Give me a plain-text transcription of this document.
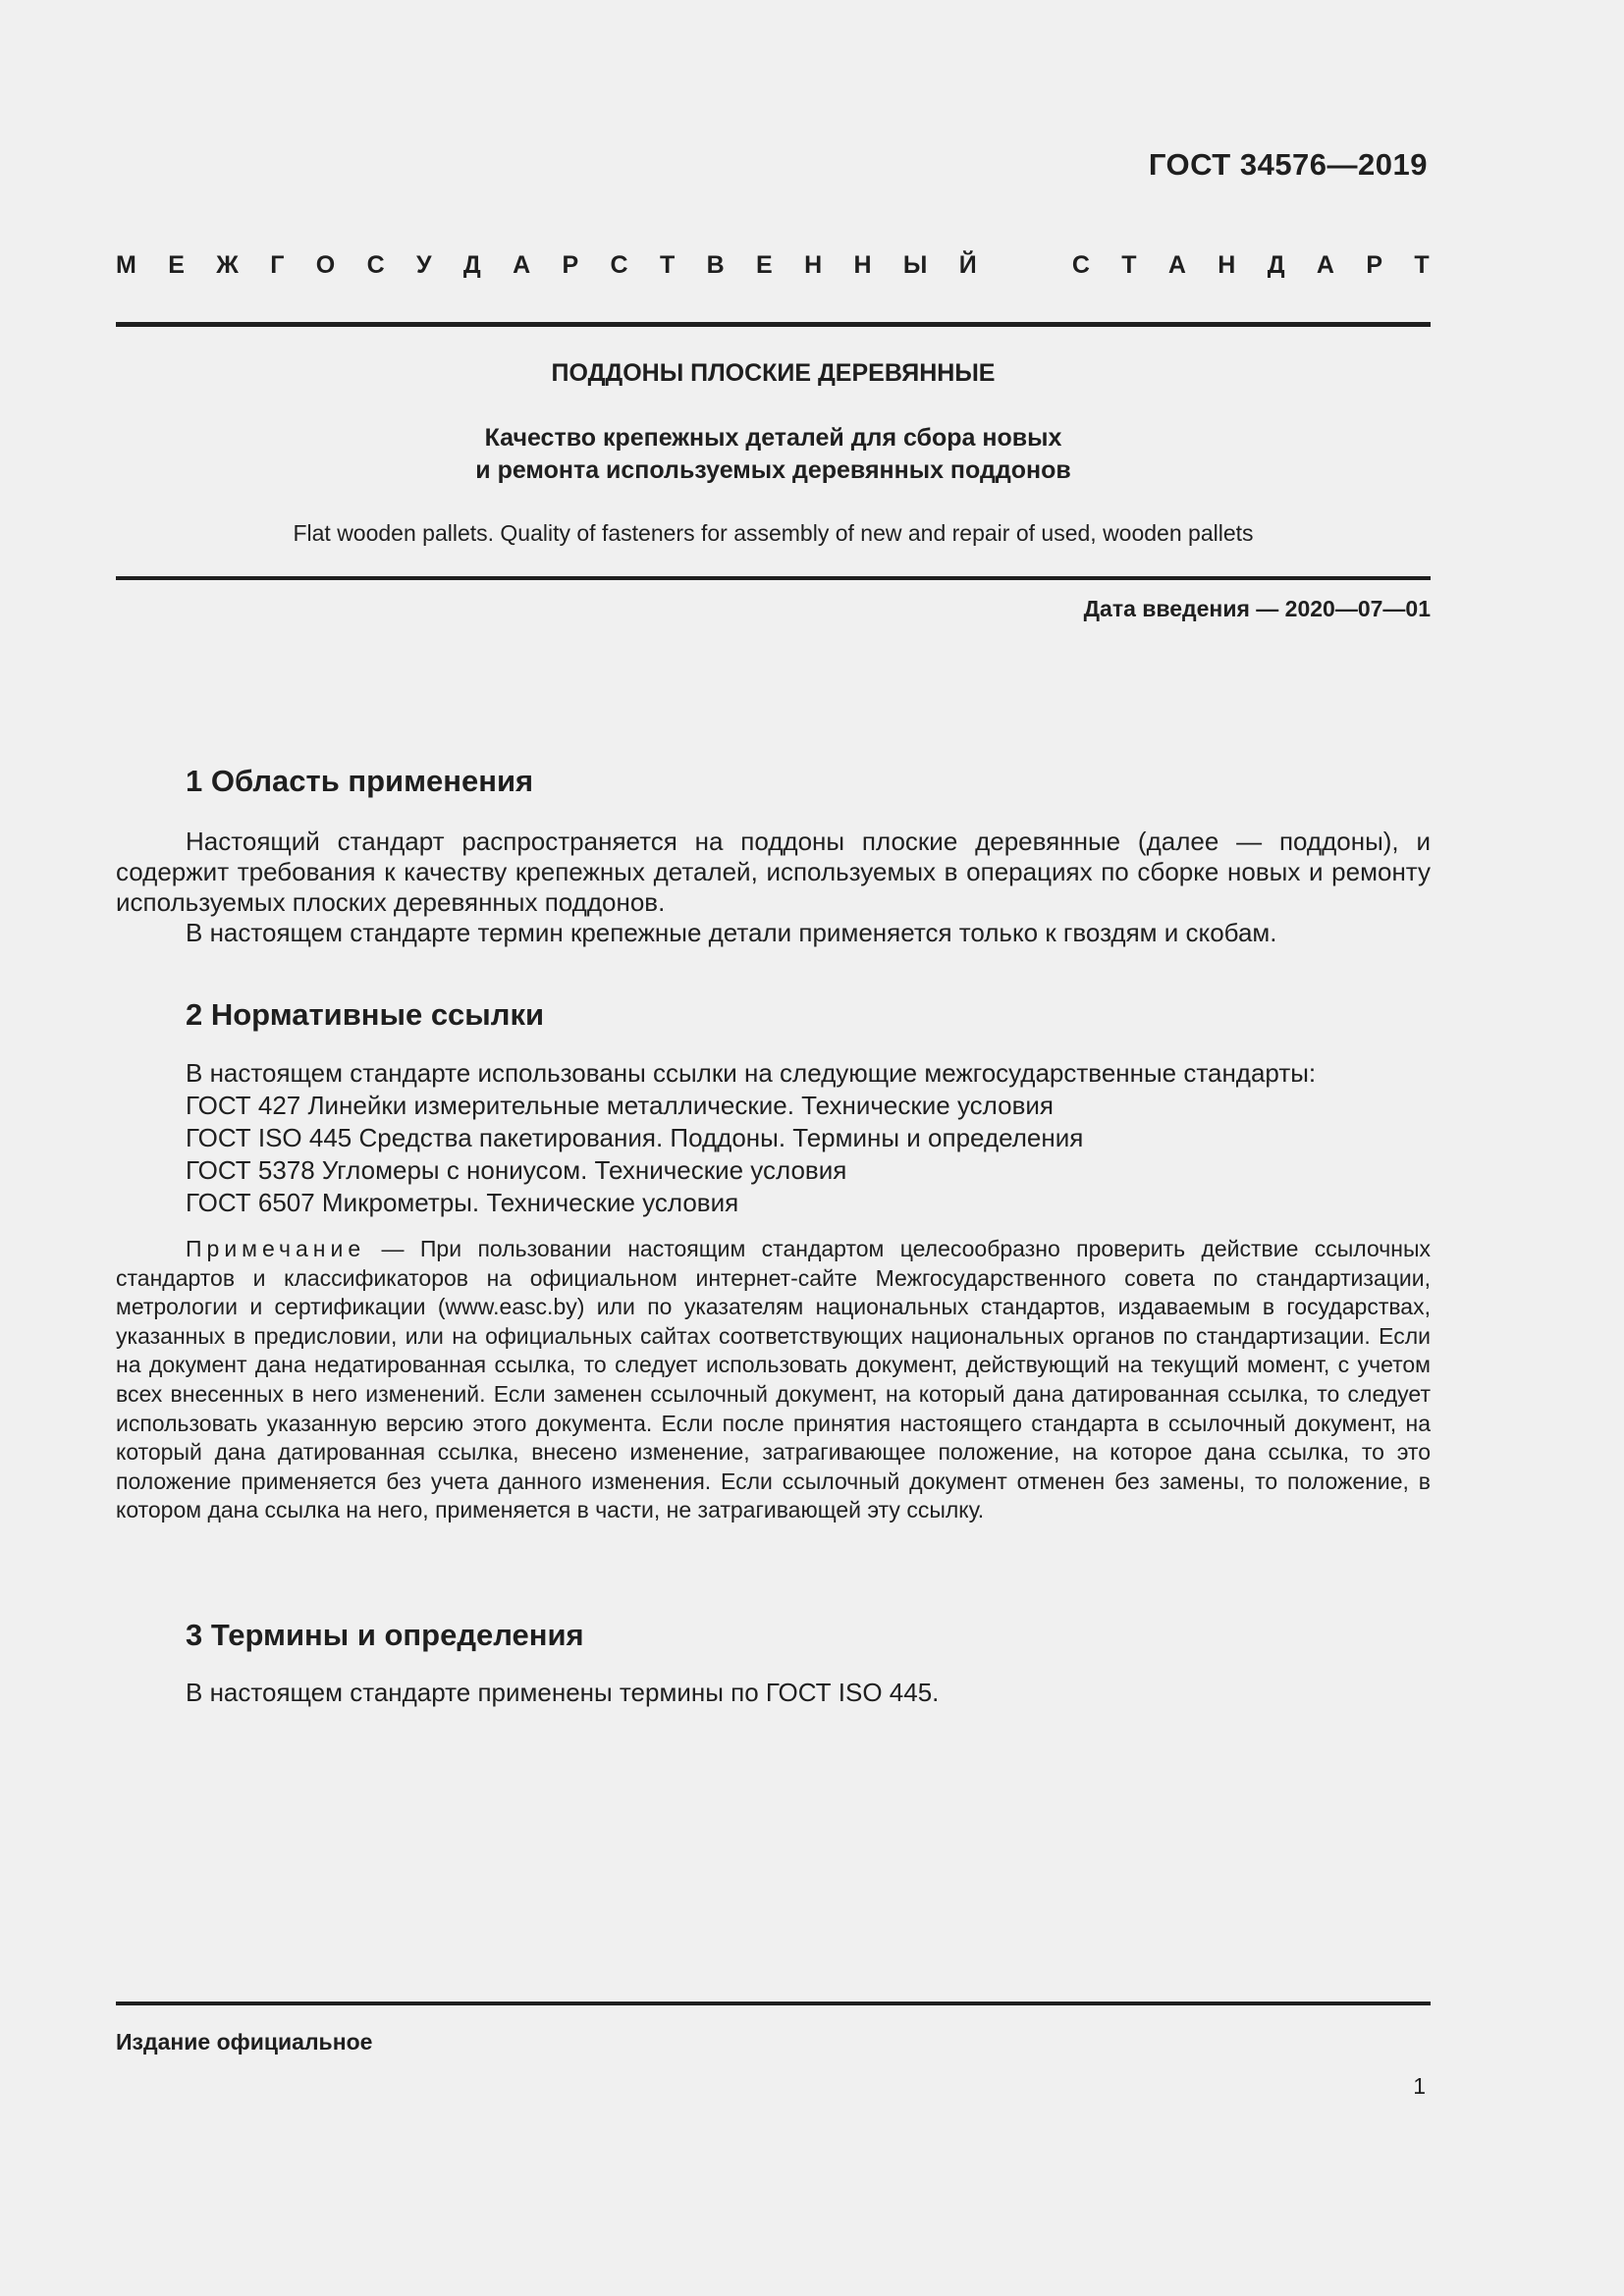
ГОСТ 34576—2019
М Е Ж Г О С У Д А Р С Т В Е Н Н Ы Й	С Т А Н Д А Р Т
ПОДДОНЫ ПЛОСКИЕ ДЕРЕВЯННЫЕ
Качество крепежных деталей для сбора новых
и ремонта используемых деревянных поддонов
Flat wooden pallets. Quality of fasteners for assembly of new and repair of used, wooden pallets
Дата введения — 2020—07—01
1 Область применения

Настоящий стандарт распространяется на поддоны плоские деревянные (далее — поддоны), и содержит требования к качеству крепежных деталей, используемых в операциях по сборке новых и ремонту используемых плоских деревянных поддонов.

В настоящем стандарте термин крепежные детали применяется только к гвоздям и скобам.

2 Нормативные ссылки

В настоящем стандарте использованы ссылки на следующие межгосударственные стандарты:

ГОСТ 427 Линейки измерительные металлические. Технические условия

ГОСТ ISO 445 Средства пакетирования. Поддоны. Термины и определения

ГОСТ 5378 Угломеры с нониусом. Технические условия

ГОСТ 6507 Микрометры. Технические условия

Примечание — При пользовании настоящим стандартом целесообразно проверить действие ссылочных стандартов и классификаторов на официальном интернет-сайте Межгосударственного совета по стандартизации, метрологии и сертификации (www.easc.by) или по указателям национальных стандартов, издаваемым в государствах, указанных в предисловии, или на официальных сайтах соответствующих национальных органов по стандартизации. Если на документ дана недатированная ссылка, то следует использовать документ, действующий на текущий момент, с учетом всех внесенных в него изменений. Если заменен ссылочный документ, на который дана датированная ссылка, то следует использовать указанную версию этого документа. Если после принятия настоящего стандарта в ссылочный документ, на который дана датированная ссылка, внесено изменение, затрагивающее положение, на которое дана ссылка, то это положение применяется без учета данного изменения. Если ссылочный документ отменен без замены, то положение, в котором дана ссылка на него, применяется в части, не затрагивающей эту ссылку.
3 Термины и определения

В настоящем стандарте применены термины по ГОСТ ISO 445.

Издание официальное
1
